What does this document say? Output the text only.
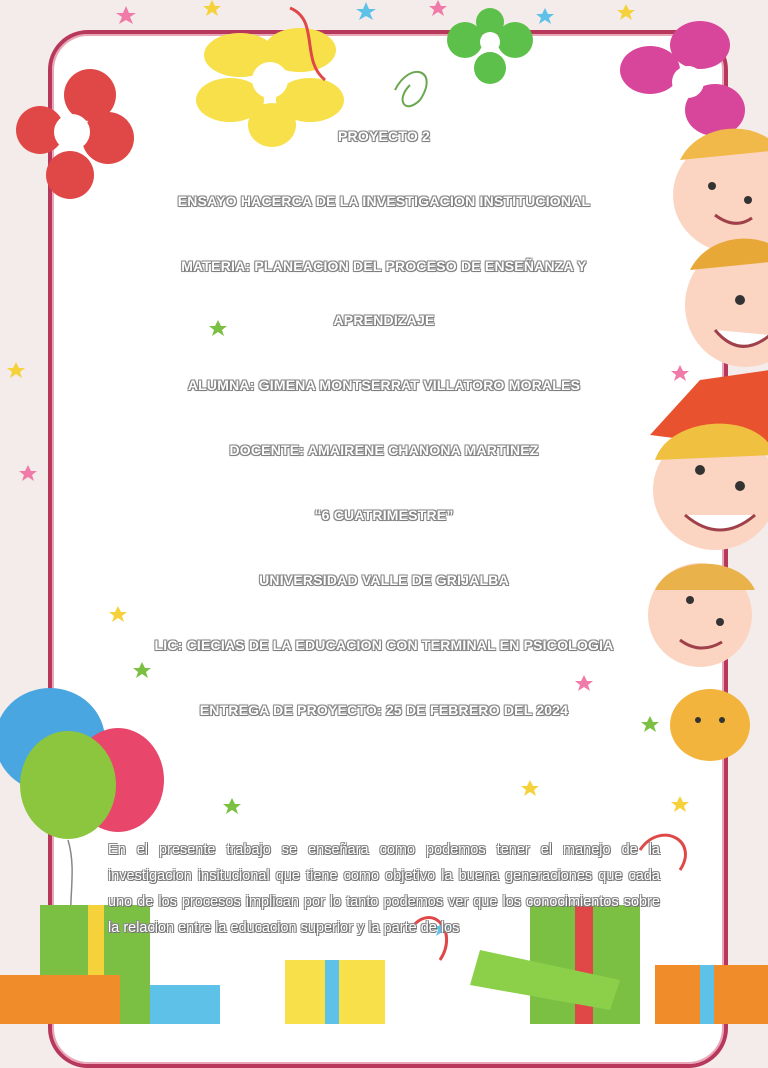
PROYECTO 2
ENSAYO HACERCA DE LA INVESTIGACION INSTITUCIONAL
MATERIA: PLANEACION DEL PROCESO DE ENSEÑANZA Y
APRENDIZAJE
ALUMNA: GIMENA MONTSERRAT VILLATORO MORALES
DOCENTE: AMAIRENE CHANONA MARTINEZ
“6 CUATRIMESTRE”
UNIVERSIDAD VALLE DE GRIJALBA
LIC: CIECIAS DE LA EDUCACION CON TERMINAL EN PSICOLOGIA
ENTREGA DE PROYECTO: 25 DE FEBRERO DEL 2024

En el presente trabajo se enseñara como podemos tener el manejo de la investigacion insitucional que tiene como objetivo la buena generaciones que cada uno de los procesos implican por lo tanto podemos ver que los conocimientos sobre la relacion entre la educacion superior y la parte de los
